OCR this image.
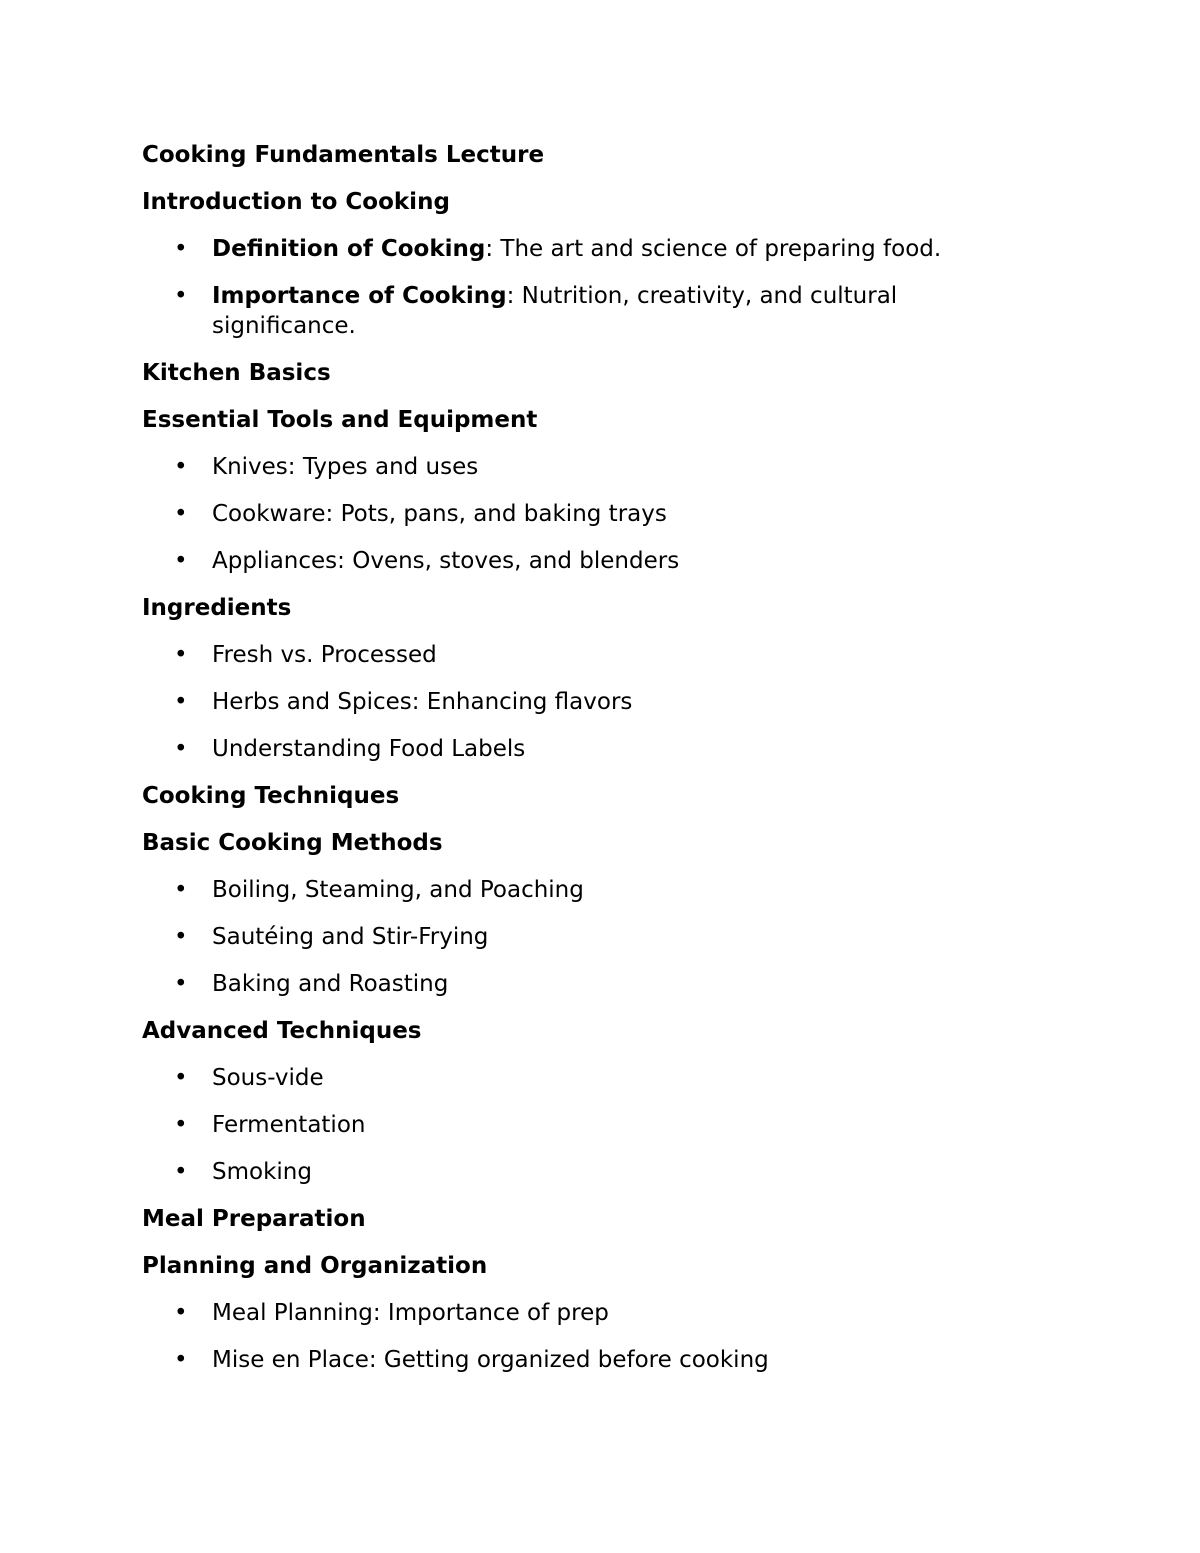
Cooking Fundamentals Lecture
Introduction to Cooking
• Definition of Cooking: The art and science of preparing food.
• Importance of Cooking: Nutrition, creativity, and cultural significance.
Kitchen Basics
Essential Tools and Equipment
• Knives: Types and uses
• Cookware: Pots, pans, and baking trays
• Appliances: Ovens, stoves, and blenders
Ingredients
• Fresh vs. Processed
• Herbs and Spices: Enhancing flavors
• Understanding Food Labels
Cooking Techniques
Basic Cooking Methods
• Boiling, Steaming, and Poaching
• Sautéing and Stir-Frying
• Baking and Roasting
Advanced Techniques
• Sous-vide
• Fermentation
• Smoking
Meal Preparation
Planning and Organization
• Meal Planning: Importance of prep
• Mise en Place: Getting organized before cooking
